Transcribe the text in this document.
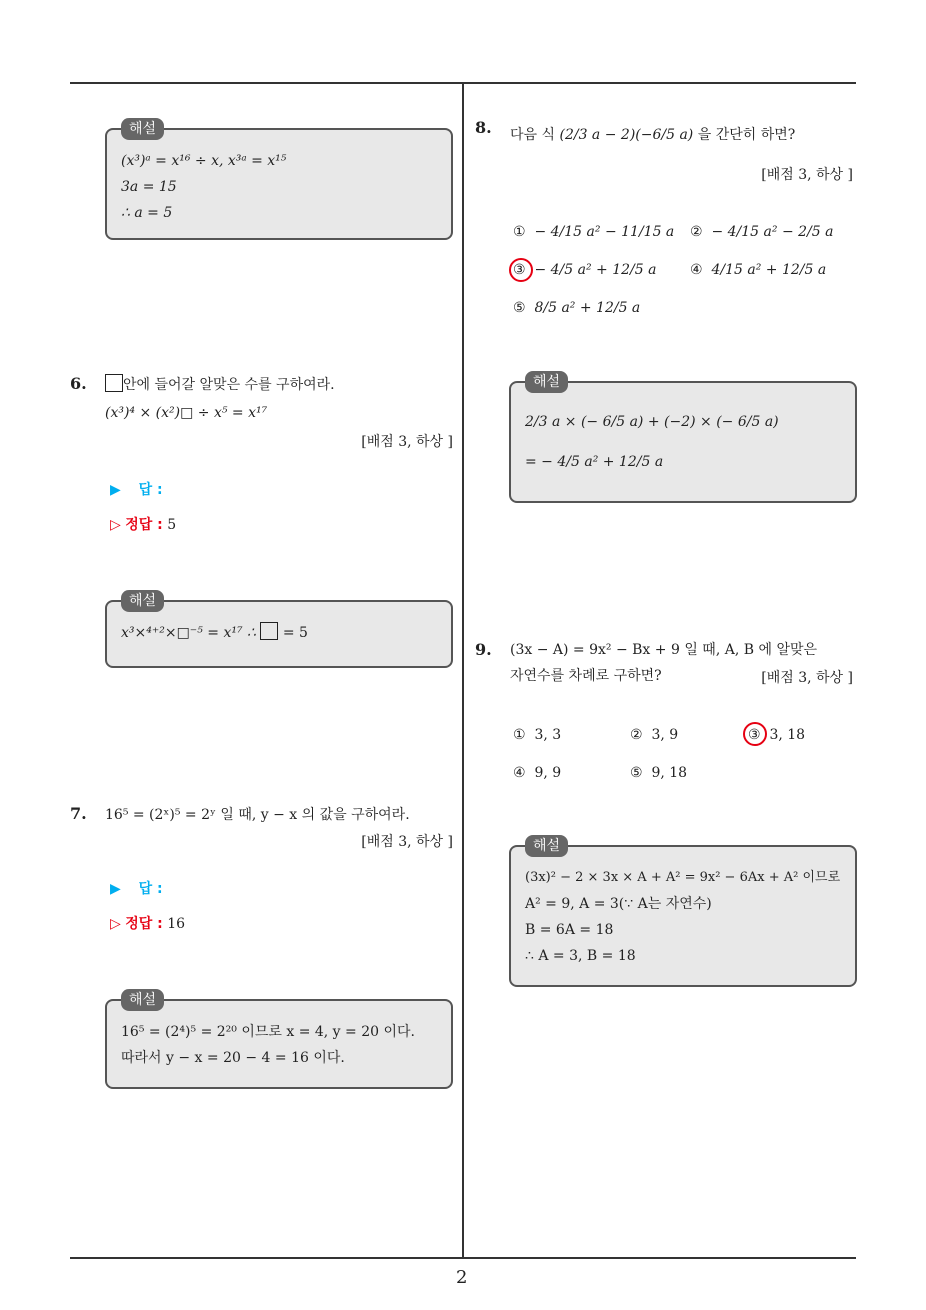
해설
(x³)ᵃ = x¹⁶ ÷ x, x³ᵃ = x¹⁵
3a = 15
∴ a = 5
6.	안에 들어갈 알맞은 수를 구하여라.
(x³)⁴ × (x²)□ ÷ x⁵ = x¹⁷
[배점 3, 하상 ]
▶ 답 :
▷ 정답 : 5
해설
x³×⁴⁺²×□⁻⁵ = x¹⁷ ∴ = 5
7. 16⁵ = (2ˣ)⁵ = 2ʸ 일 때, y − x 의 값을 구하여라.
[배점 3, 하상 ]
▶ 답 :
▷ 정답 : 16
해설
16⁵ = (2⁴)⁵ = 2²⁰ 이므로 x = 4, y = 20 이다.
따라서 y − x = 20 − 4 = 16 이다.
8. 다음 식 (2/3 a − 2)(−6/5 a) 을 간단히 하면?
[배점 3, 하상 ]
① − 4/15 a² − 11/15 a ② − 4/15 a² − 2/5 a
③ − 4/5 a² + 12/5 a ④ 4/15 a² + 12/5 a
⑤ 8/5 a² + 12/5 a
해설
2/3 a × (− 6/5 a) + (−2) × (− 6/5 a)
= − 4/5 a² + 12/5 a
9. (3x − A) = 9x² − Bx + 9 일 때, A, B 에 알맞은
자연수를 차례로 구하면?	[배점 3, 하상 ]
① 3, 3	② 3, 9	③ 3, 18
④ 9, 9	⑤ 9, 18
해설
(3x)² − 2 × 3x × A + A² = 9x² − 6Ax + A² 이므로
A² = 9, A = 3(∵ A는 자연수)
B = 6A = 18
∴ A = 3, B = 18
2
